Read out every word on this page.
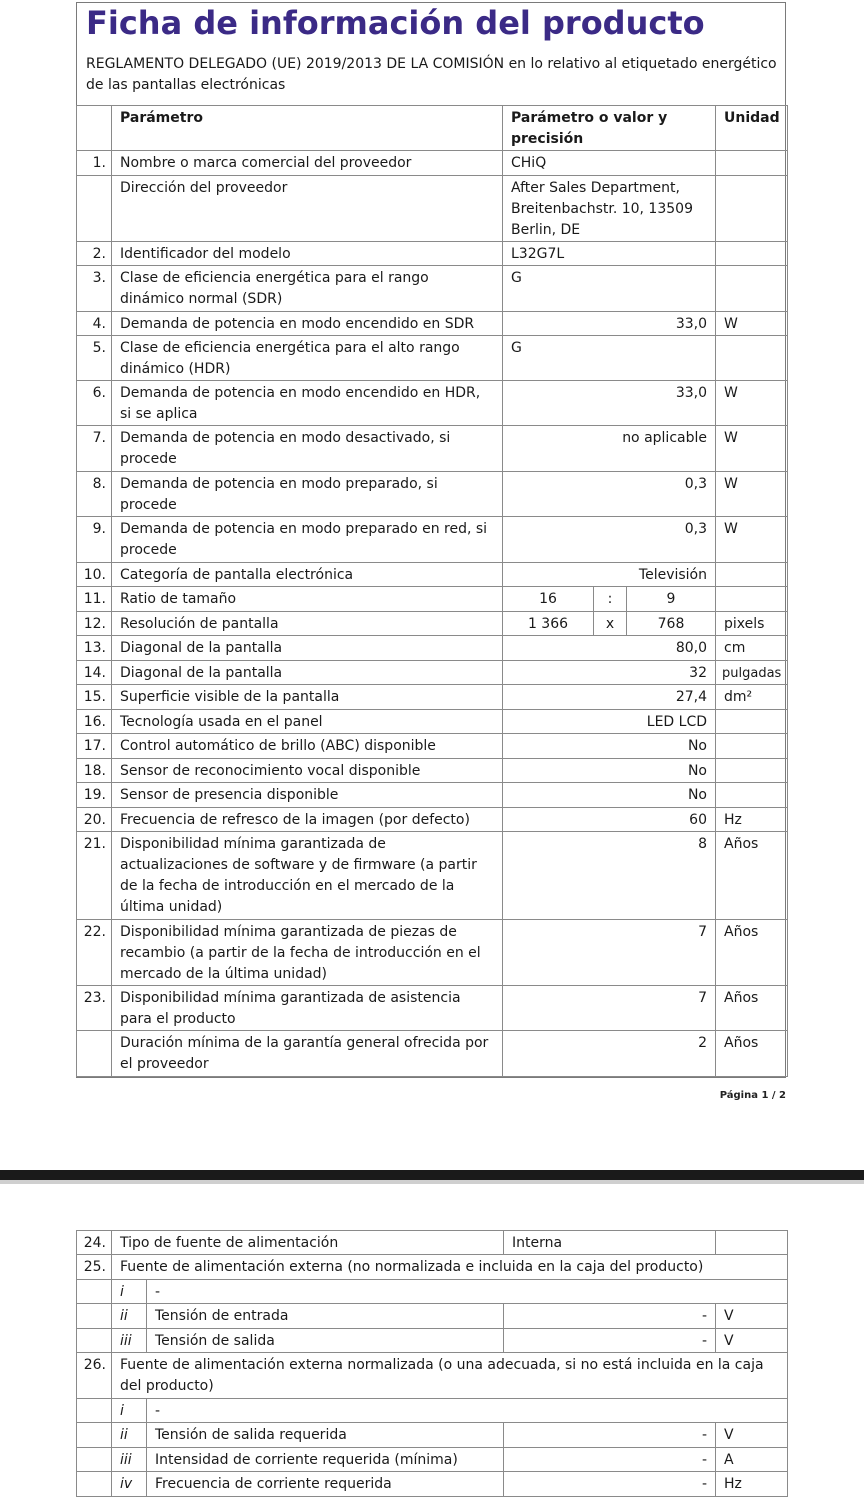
Ficha de información del producto
REGLAMENTO DELEGADO (UE) 2019/2013 DE LA COMISIÓN en lo relativo al etiquetado energético de las pantallas electrónicas
	Parámetro	Parámetro o valor y precisión			Unidad
1.	Nombre o marca comercial del proveedor	CHiQ			
	Dirección del proveedor	After Sales Department, Breitenbachstr. 10, 13509 Berlin, DE			
2.	Identificador del modelo	L32G7L			
3.	Clase de eficiencia energética para el rango dinámico normal (SDR)	G			
4.	Demanda de potencia en modo encendido en SDR	33,0			W
5.	Clase de eficiencia energética para el alto rango dinámico (HDR)	G			
6.	Demanda de potencia en modo encendido en HDR, si se aplica	33,0			W
7.	Demanda de potencia en modo desactivado, si procede	no aplicable			W
8.	Demanda de potencia en modo preparado, si procede	0,3			W
9.	Demanda de potencia en modo preparado en red, si procede	0,3			W
10.	Categoría de pantalla electrónica	Televisión			
11.	Ratio de tamaño	16	:	9	
12.	Resolución de pantalla	1 366	x	768	pixels
13.	Diagonal de la pantalla	80,0			cm
14.	Diagonal de la pantalla	32			pulgadas
15.	Superficie visible de la pantalla	27,4			dm²
16.	Tecnología usada en el panel	LED LCD			
17.	Control automático de brillo (ABC) disponible	No			
18.	Sensor de reconocimiento vocal disponible	No			
19.	Sensor de presencia disponible	No			
20.	Frecuencia de refresco de la imagen (por defecto)	60			Hz
21.	Disponibilidad mínima garantizada de actualizaciones de software y de firmware (a partir de la fecha de introducción en el mercado de la última unidad)	8			Años
22.	Disponibilidad mínima garantizada de piezas de recambio (a partir de la fecha de introducción en el mercado de la última unidad)	7			Años
23.	Disponibilidad mínima garantizada de asistencia para el producto	7			Años
	Duración mínima de la garantía general ofrecida por el proveedor	2			Años
Página 1 / 2
24.	Tipo de fuente de alimentación		Interna	
25.	Fuente de alimentación externa (no normalizada e incluida en la caja del producto)			
	i	-		
	ii	Tensión de entrada	-	V
	iii	Tensión de salida	-	V
26.	Fuente de alimentación externa normalizada (o una adecuada, si no está incluida en la caja del producto)			
	i	-		
	ii	Tensión de salida requerida	-	V
	iii	Intensidad de corriente requerida (mínima)	-	A
	iv	Frecuencia de corriente requerida	-	Hz
